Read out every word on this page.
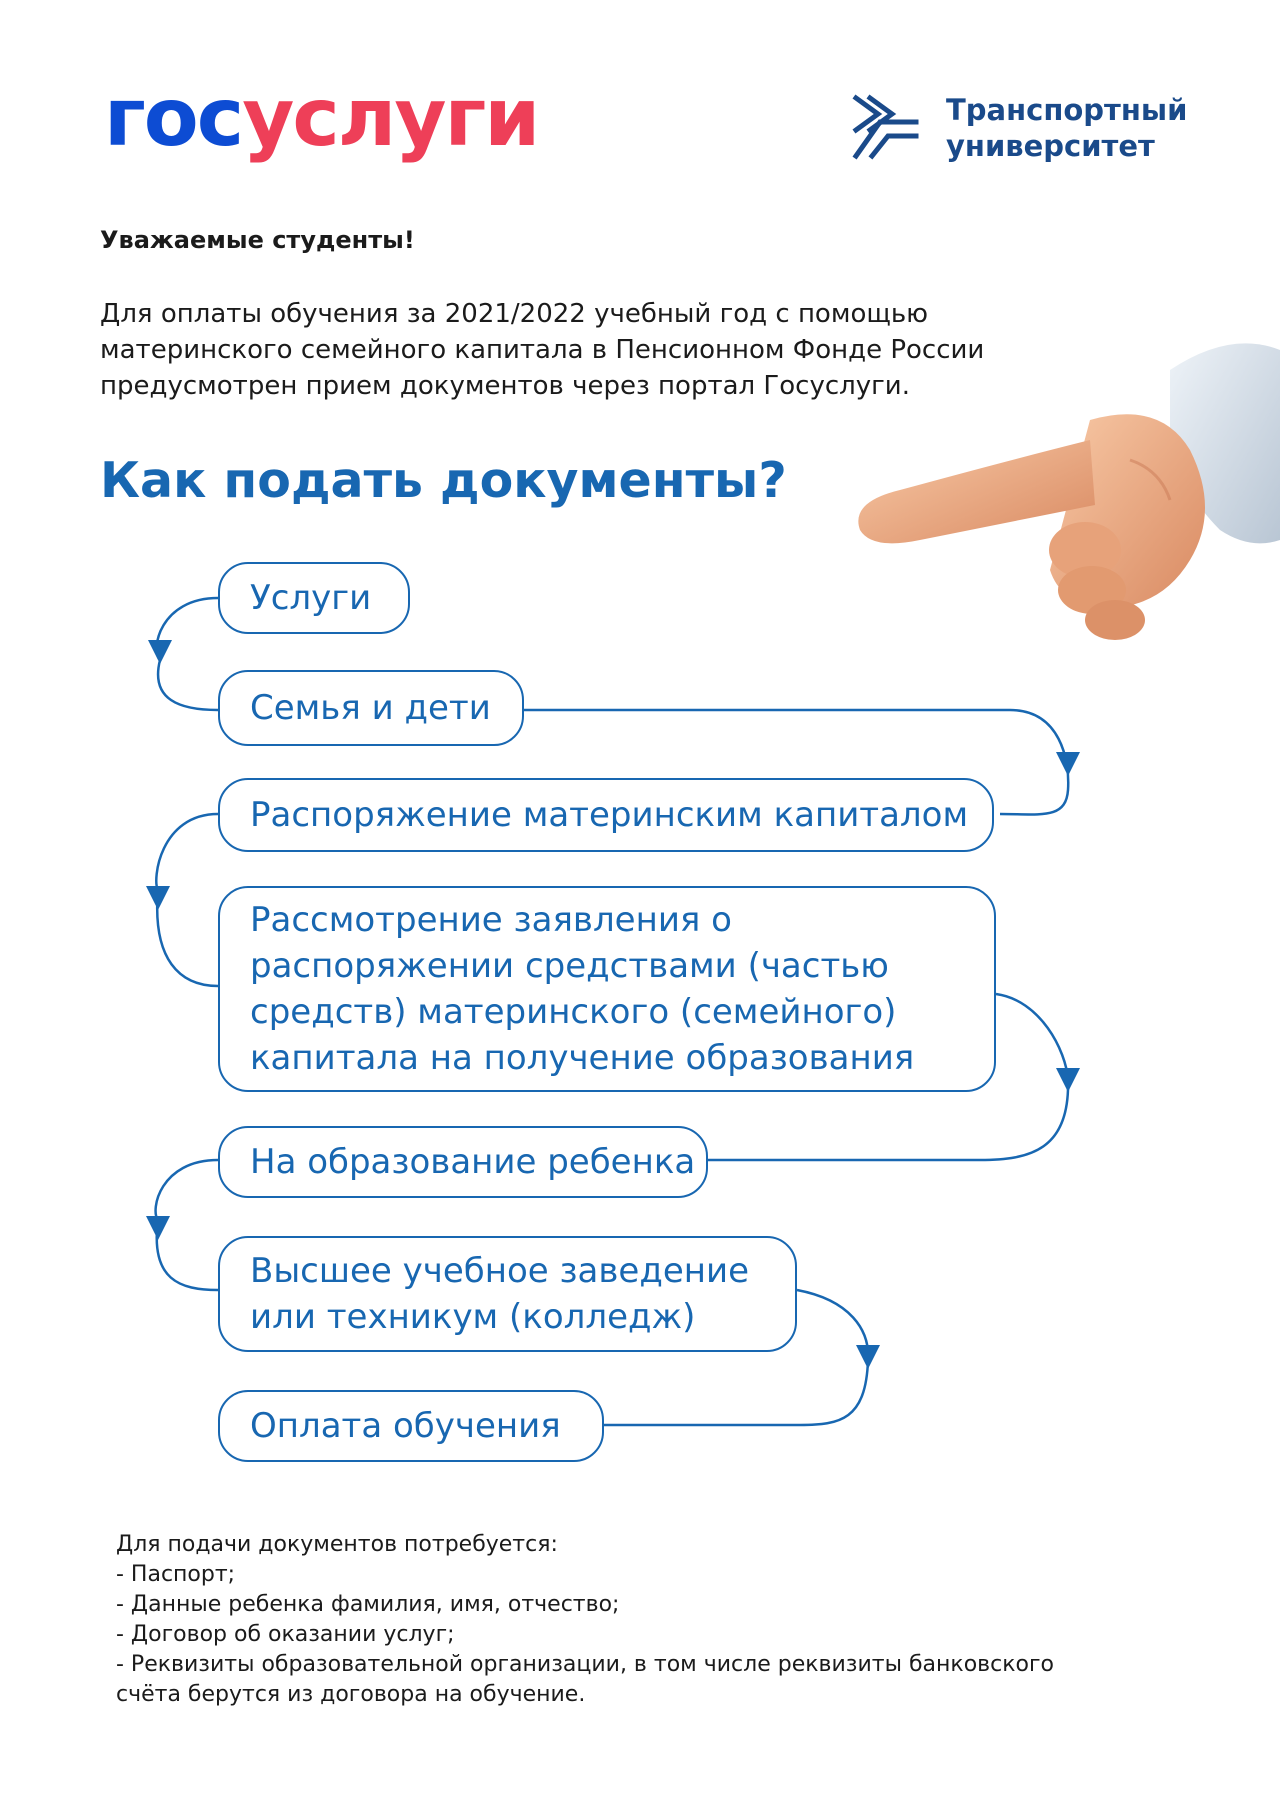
госуслуги	Транспортный
университет
Уважаемые студенты!
Для оплаты обучения за 2021/2022 учебный год с помощью
материнского семейного капитала в Пенсионном Фонде России
предусмотрен прием документов через портал Госуслуги.
Как подать документы?
Услуги
Семья и дети
Распоряжение материнским капиталом
Рассмотрение заявления о
распоряжении средствами (частью
средств) материнского (семейного)
капитала на получение образования
На образование ребенка
Высшее учебное заведение
или техникум (колледж)
Оплата обучения
Для подачи документов потребуется:
- Паспорт;
- Данные ребенка фамилия, имя, отчество;
- Договор об оказании услуг;
- Реквизиты образовательной организации, в том числе реквизиты банковского
счёта берутся из договора на обучение.
